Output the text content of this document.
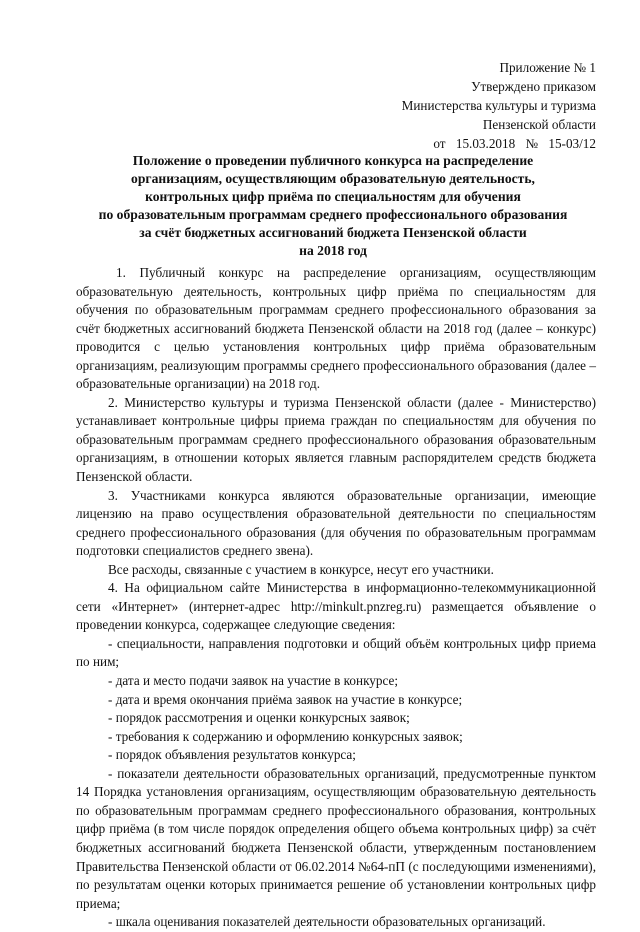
Приложение № 1
Утверждено приказом
Министерства культуры и туризма
Пензенской области
от 15.03.2018 № 15-03/12
Положение о проведении публичного конкурса на распределение
организациям, осуществляющим образовательную деятельность,
контрольных цифр приёма по специальностям для обучения
по образовательным программам среднего профессионального образования
за счёт бюджетных ассигнований бюджета Пензенской области
на 2018 год

1. Публичный конкурс на распределение организациям, осуществляющим образовательную деятельность, контрольных цифр приёма по специальностям для обучения по образовательным программам среднего профессионального образования за счёт бюджетных ассигнований бюджета Пензенской области на 2018 год (далее – конкурс) проводится с целью установления контрольных цифр приёма образовательным организациям, реализующим программы среднего профессионального образования (далее – образовательные организации) на 2018 год.

2. Министерство культуры и туризма Пензенской области (далее - Министерство) устанавливает контрольные цифры приема граждан по специальностям для обучения по образовательным программам среднего профессионального образования образовательным организациям, в отношении которых является главным распорядителем средств бюджета Пензенской области.

3. Участниками конкурса являются образовательные организации, имеющие лицензию на право осуществления образовательной деятельности по специальностям среднего профессионального образования (для обучения по образовательным программам подготовки специалистов среднего звена).

Все расходы, связанные с участием в конкурсе, несут его участники.

4. На официальном сайте Министерства в информационно-телекоммуникационной сети «Интернет» (интернет-адрес http://minkult.pnzreg.ru) размещается объявление о проведении конкурса, содержащее следующие сведения:

- специальности, направления подготовки и общий объём контрольных цифр приема по ним;

- дата и место подачи заявок на участие в конкурсе;

- дата и время окончания приёма заявок на участие в конкурсе;

- порядок рассмотрения и оценки конкурсных заявок;

- требования к содержанию и оформлению конкурсных заявок;

- порядок объявления результатов конкурса;

- показатели деятельности образовательных организаций, предусмотренные пунктом 14 Порядка установления организациям, осуществляющим образовательную деятельность по образовательным программам среднего профессионального образования, контрольных цифр приёма (в том числе порядок определения общего объема контрольных цифр) за счёт бюджетных ассигнований бюджета Пензенской области, утвержденным постановлением Правительства Пензенской области от 06.02.2014 №64-пП (с последующими изменениями), по результатам оценки которых принимается решение об установлении контрольных цифр приема;

- шкала оценивания показателей деятельности образовательных организаций.
